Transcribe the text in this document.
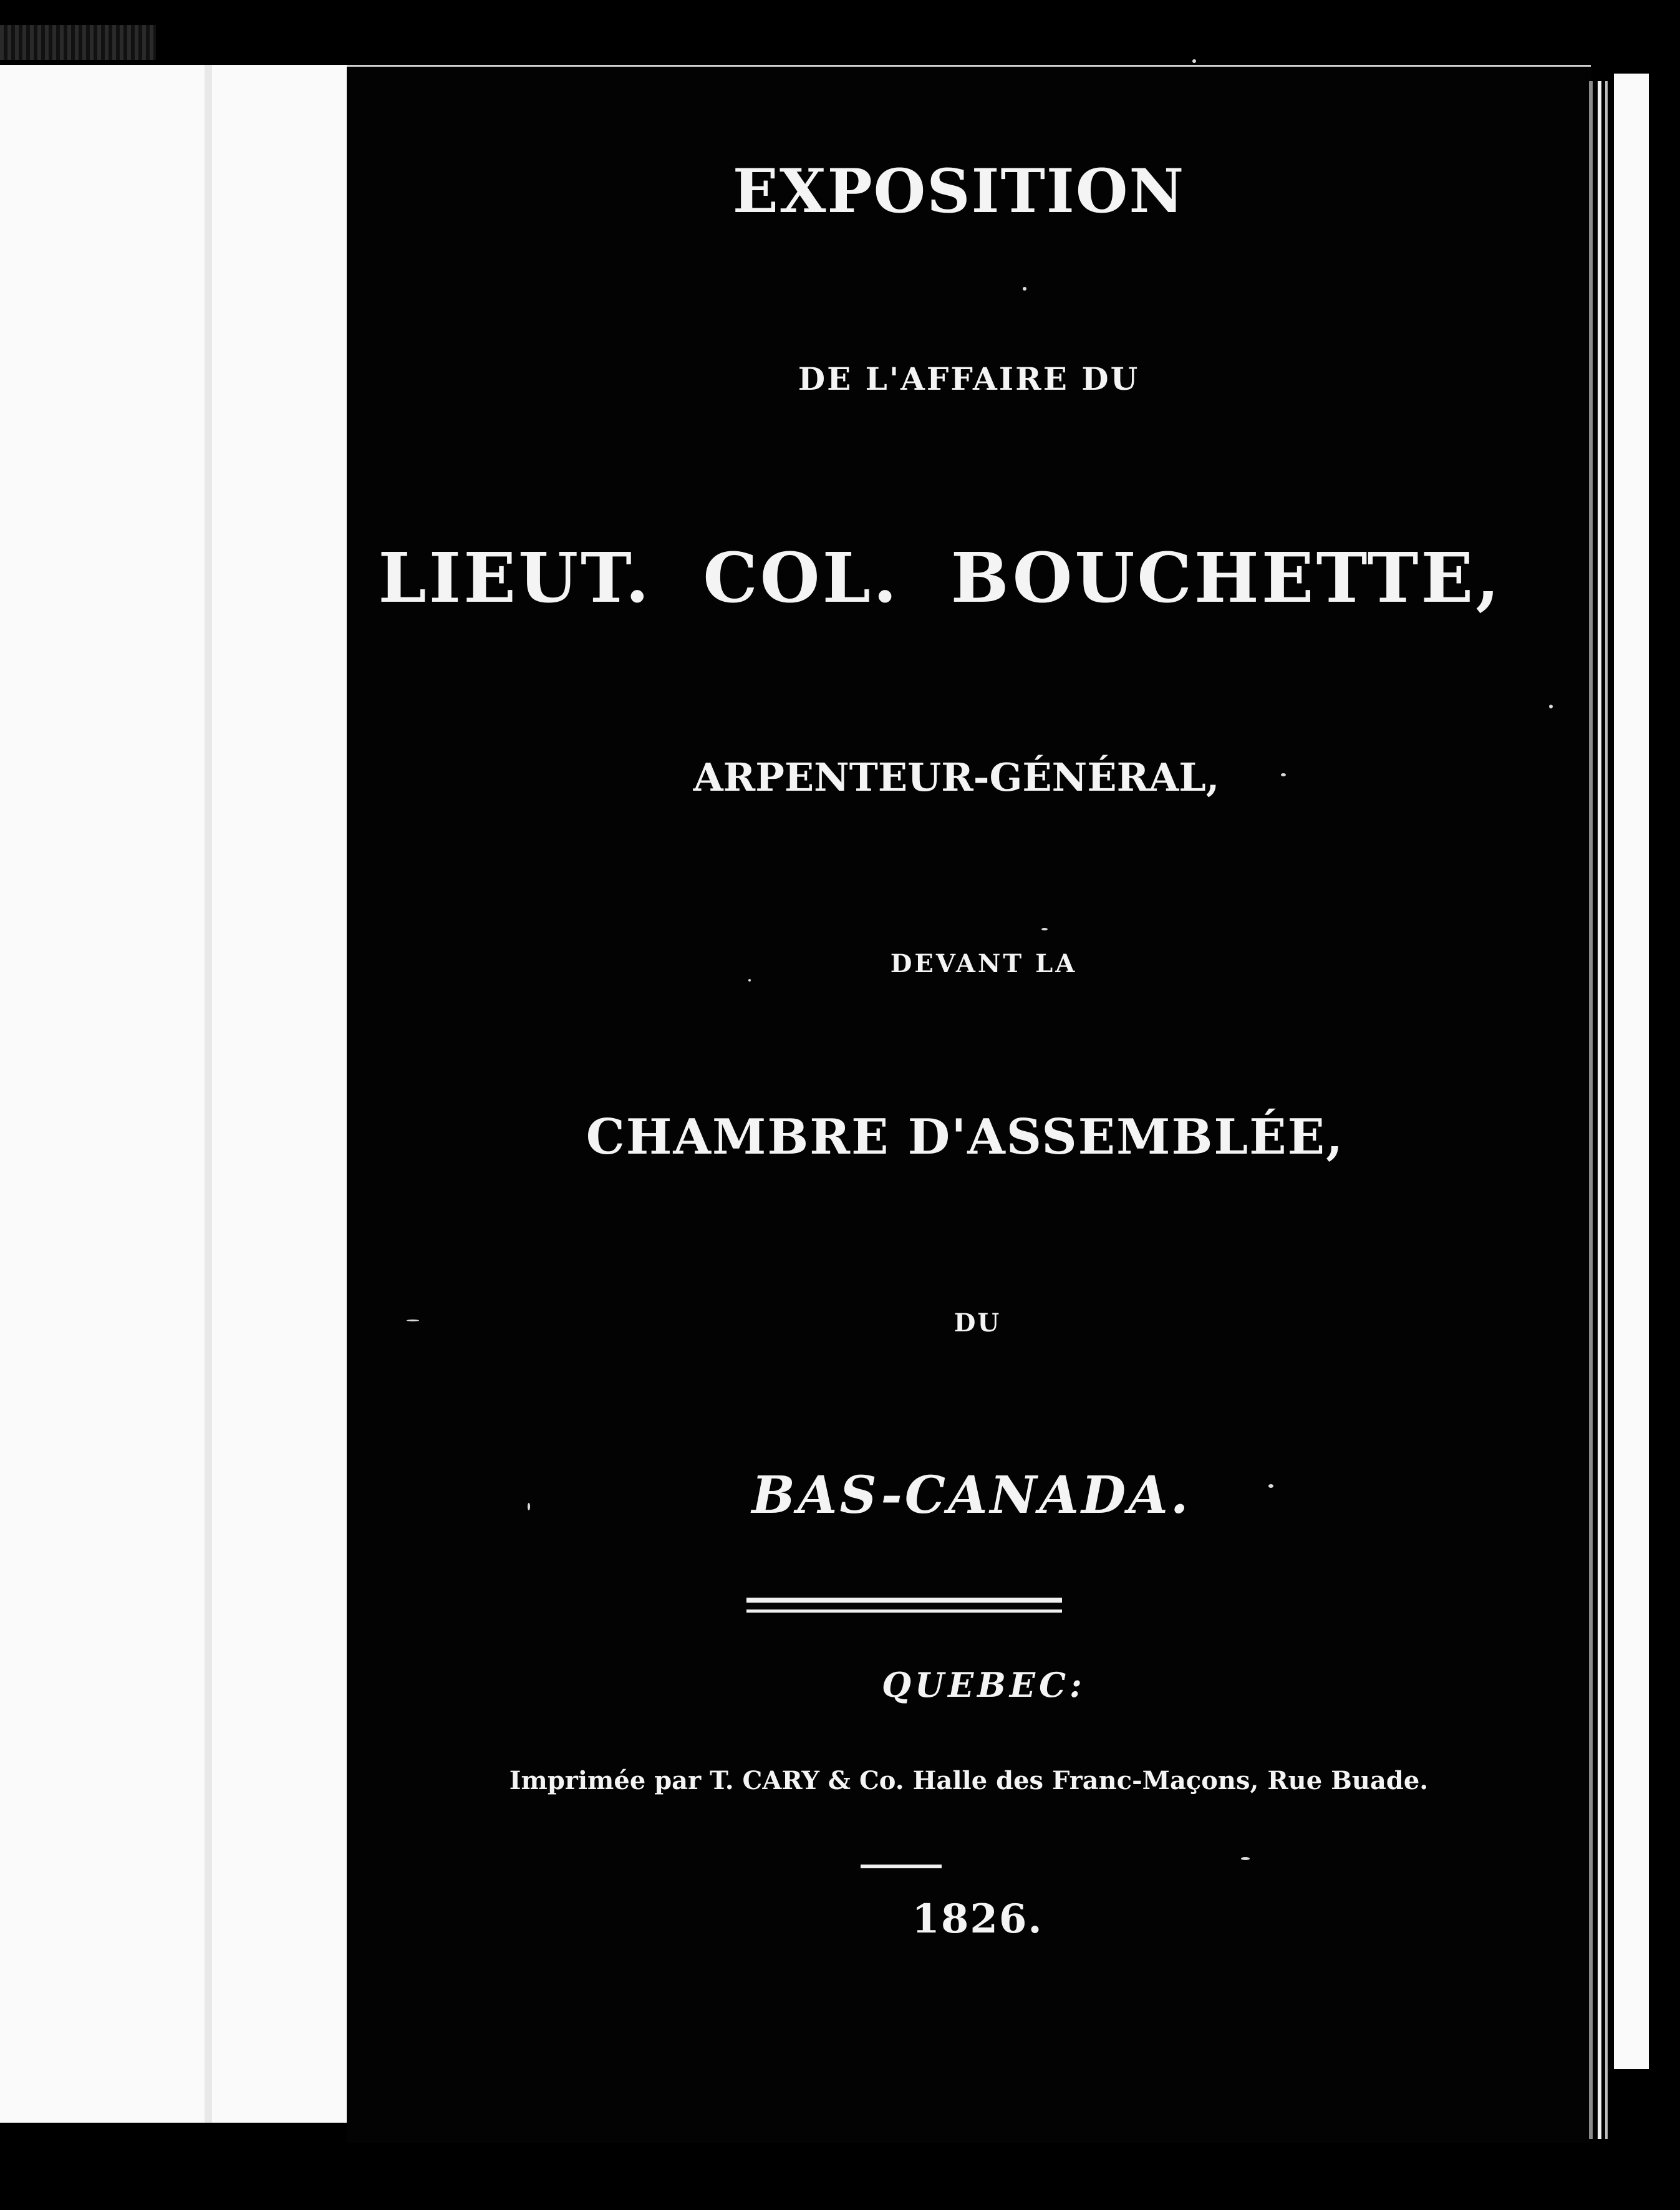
EXPOSITION

DE L'AFFAIRE DU

LIEUT. COL. BOUCHETTE,

ARPENTEUR-GÉNÉRAL,

DEVANT LA

CHAMBRE D'ASSEMBLÉE,

DU

BAS-CANADA.

QUEBEC:

Imprimée par T. CARY & Co. Halle des Franc-Maçons, Rue Buade.

1826.
